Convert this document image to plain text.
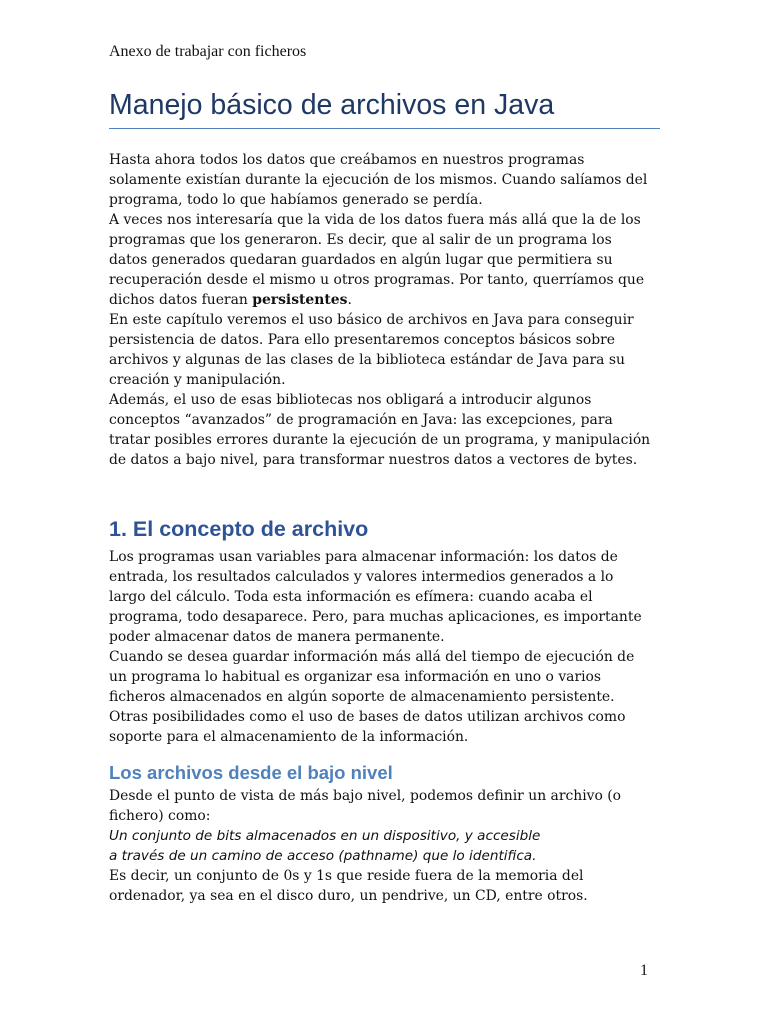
Anexo de trabajar con ficheros
Manejo básico de archivos en Java

Hasta ahora todos los datos que creábamos en nuestros programas solamente existían durante la ejecución de los mismos. Cuando salíamos del programa, todo lo que habíamos generado se perdía.

A veces nos interesaría que la vida de los datos fuera más allá que la de los programas que los generaron. Es decir, que al salir de un programa los datos generados quedaran guardados en algún lugar que permitiera su recuperación desde el mismo u otros programas. Por tanto, querríamos que dichos datos fueran persistentes.

En este capítulo veremos el uso básico de archivos en Java para conseguir persistencia de datos. Para ello presentaremos conceptos básicos sobre archivos y algunas de las clases de la biblioteca estándar de Java para su creación y manipulación.

Además, el uso de esas bibliotecas nos obligará a introducir algunos conceptos “avanzados” de programación en Java: las excepciones, para tratar posibles errores durante la ejecución de un programa, y manipulación de datos a bajo nivel, para transformar nuestros datos a vectores de bytes.

1. El concepto de archivo

Los programas usan variables para almacenar información: los datos de entrada, los resultados calculados y valores intermedios generados a lo largo del cálculo. Toda esta información es efímera: cuando acaba el programa, todo desaparece. Pero, para muchas aplicaciones, es importante poder almacenar datos de manera permanente.

Cuando se desea guardar información más allá del tiempo de ejecución de un programa lo habitual es organizar esa información en uno o varios ficheros almacenados en algún soporte de almacenamiento persistente. Otras posibilidades como el uso de bases de datos utilizan archivos como soporte para el almacenamiento de la información.

Los archivos desde el bajo nivel

Desde el punto de vista de más bajo nivel, podemos definir un archivo (o fichero) como:

Un conjunto de bits almacenados en un dispositivo, y accesible

a través de un camino de acceso (pathname) que lo identifica.

Es decir, un conjunto de 0s y 1s que reside fuera de la memoria del ordenador, ya sea en el disco duro, un pendrive, un CD, entre otros.

1
